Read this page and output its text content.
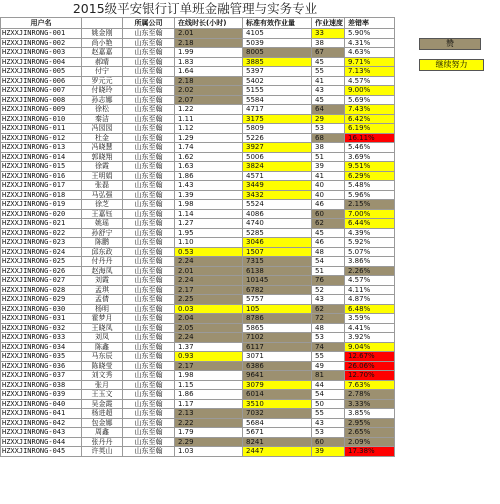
2015级平安银行订单班金融管理与实务专业
用户名		所属公司	在线时长(小时)	标准有效作业量	作业速度	差错率
HZXXJINRONG-001	姚金刚	山东至翰	2.01	4105	33	5.90%
HZXXJINRONG-002	尚小艳	山东至翰	2.18	5039	38	4.31%
HZXXJINRONG-003	赵嘉嘉	山东至翰	1.99	8005	67	4.63%
HZXXJINRONG-004	郝晴	山东至翰	1.83	3885	45	9.71%
HZXXJINRONG-005	付宁	山东至翰	1.64	5397	55	7.13%
HZXXJINRONG-006	罗元元	山东至翰	2.18	5402	41	4.57%
HZXXJINRONG-007	付晓玲	山东至翰	2.02	5155	43	9.00%
HZXXJINRONG-008	孙志娜	山东至翰	2.07	5584	45	5.69%
HZXXJINRONG-009	徐松	山东至翰	1.22	4717	64	7.43%
HZXXJINRONG-010	秦洁	山东至翰	1.11	3175	29	6.42%
HZXXJINRONG-011	冯园园	山东至翰	1.12	5809	53	6.19%
HZXXJINRONG-012	杜金	山东至翰	1.29	5226	68	16.11%
HZXXJINRONG-013	冯晓慧	山东至翰	1.74	3927	38	5.46%
HZXXJINRONG-014	郭晓翔	山东至翰	1.62	5006	51	3.69%
HZXXJINRONG-015	徐霞	山东至翰	1.63	3824	39	9.51%
HZXXJINRONG-016	王明娟	山东至翰	1.86	4571	41	6.29%
HZXXJINRONG-017	张磊	山东至翰	1.43	3449	40	5.48%
HZXXJINRONG-018	马弘强	山东至翰	1.39	3432	40	5.96%
HZXXJINRONG-019	徐芝	山东至翰	1.98	5524	46	2.15%
HZXXJINRONG-020	王嘉钰	山东至翰	1.14	4086	60	7.00%
HZXXJINRONG-021	姚瑶	山东至翰	1.27	4740	62	6.44%
HZXXJINRONG-022	孙舒宁	山东至翰	1.95	5285	45	4.39%
HZXXJINRONG-023	陈鹏	山东至翰	1.10	3046	46	5.92%
HZXXJINRONG-024	邱东政	山东至翰	0.53	1507	48	5.07%
HZXXJINRONG-025	付丹丹	山东至翰	2.24	7315	54	3.86%
HZXXJINRONG-026	赵海凤	山东至翰	2.01	6138	51	2.26%
HZXXJINRONG-027	刘霞	山东至翰	2.24	10145	76	4.57%
HZXXJINRONG-028	孟琪	山东至翰	2.17	6782	52	4.11%
HZXXJINRONG-029	孟倩	山东至翰	2.25	5757	43	4.87%
HZXXJINRONG-030	杨明	山东至翰	0.03	105	62	6.48%
HZXXJINRONG-031	霍梦月	山东至翰	2.04	8786	72	3.59%
HZXXJINRONG-032	王晓凤	山东至翰	2.05	5865	48	4.41%
HZXXJINRONG-033	刘凤	山东至翰	2.24	7102	53	3.92%
HZXXJINRONG-034	陈鑫	山东至翰	1.37	6117	74	9.04%
HZXXJINRONG-035	马东辰	山东至翰	0.93	3071	55	12.67%
HZXXJINRONG-036	陈晓莹	山东至翰	2.17	6386	49	26.06%
HZXXJINRONG-037	刘文秀	山东至翰	1.98	9641	81	12.70%
HZXXJINRONG-038	张月	山东至翰	1.15	3079	44	7.63%
HZXXJINRONG-039	王玉文	山东至翰	1.86	6014	54	2.78%
HZXXJINRONG-040	吴金霞	山东至翰	1.17	3510	50	3.33%
HZXXJINRONG-041	杨进超	山东至翰	2.13	7032	55	3.85%
HZXXJINRONG-042	包金娜	山东至翰	2.22	5684	43	2.95%
HZXXJINRONG-043	周鑫	山东至翰	1.79	5671	53	2.65%
HZXXJINRONG-044	张丹丹	山东至翰	2.29	8241	60	2.09%
HZXXJINRONG-045	许英山	山东至翰	1.03	2447	39	17.38%
赞
继续努力
